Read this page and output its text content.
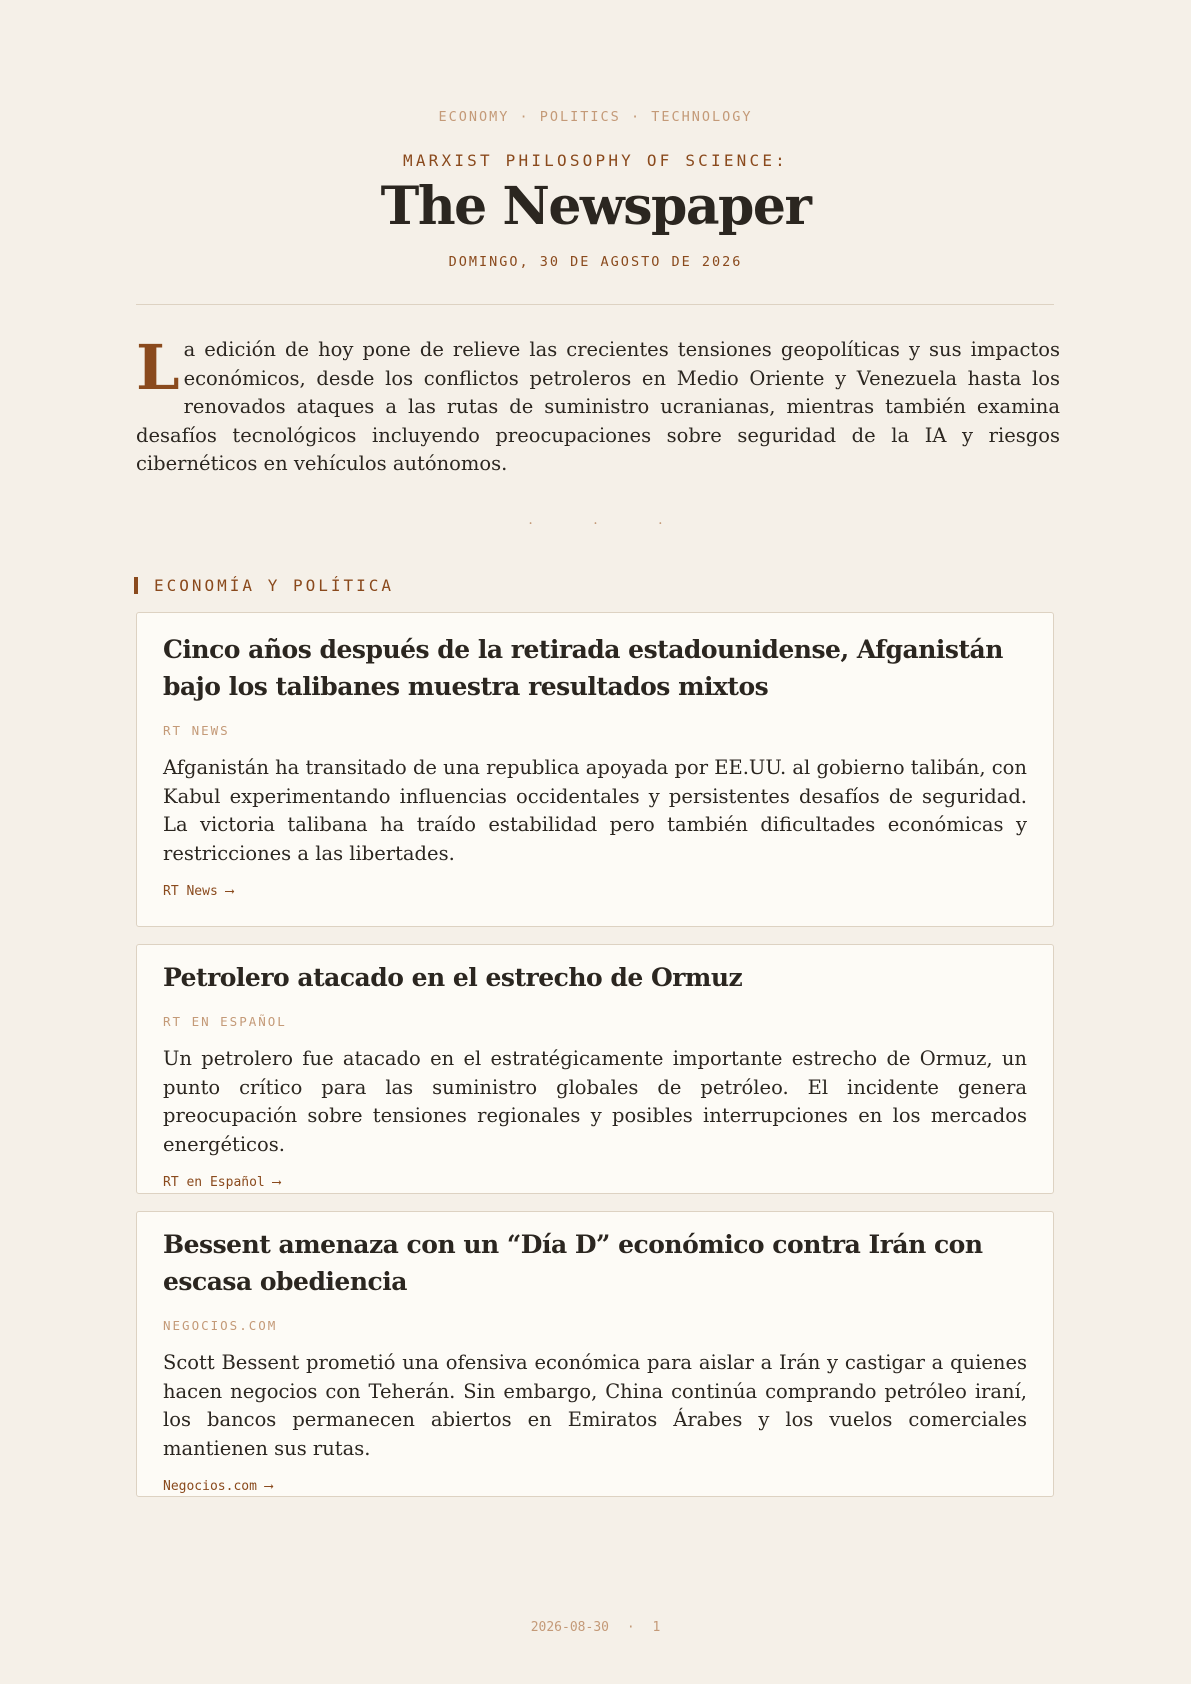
ECONOMY · POLITICS · TECHNOLOGY
MARXIST PHILOSOPHY OF SCIENCE:
The Newspaper
DOMINGO, 30 DE AGOSTO DE 2026
La edición de hoy pone de relieve las crecientes tensiones geopolíticas y sus impactos económicos, desde los conflictos petroleros en Medio Oriente y Venezuela hasta los renovados ataques a las rutas de suministro ucranianas, mientras también examina desafíos tecnológicos incluyendo preocupaciones sobre seguridad de la IA y riesgos cibernéticos en vehículos autónomos.
· · ·
ECONOMÍA Y POLÍTICA
Cinco años después de la retirada estadounidense, Afganistán bajo los talibanes muestra resultados mixtos
RT NEWS

Afganistán ha transitado de una republica apoyada por EE.UU. al gobierno talibán, con Kabul experimentando influencias occidentales y persistentes desafíos de seguridad. La victoria talibana ha traído estabilidad pero también dificultades económicas y restricciones a las libertades.

RT News ⟶
Petrolero atacado en el estrecho de Ormuz
RT EN ESPAÑOL

Un petrolero fue atacado en el estratégicamente importante estrecho de Ormuz, un punto crítico para las suministro globales de petróleo. El incidente genera preocupación sobre tensiones regionales y posibles interrupciones en los mercados energéticos.

RT en Español ⟶
Bessent amenaza con un “Día D” económico contra Irán con escasa obediencia
NEGOCIOS.COM

Scott Bessent prometió una ofensiva económica para aislar a Irán y castigar a quienes hacen negocios con Teherán. Sin embargo, China continúa comprando petróleo iraní, los bancos permanecen abiertos en Emiratos Árabes y los vuelos comerciales mantienen sus rutas.

Negocios.com ⟶
2026-08-30 · 1
